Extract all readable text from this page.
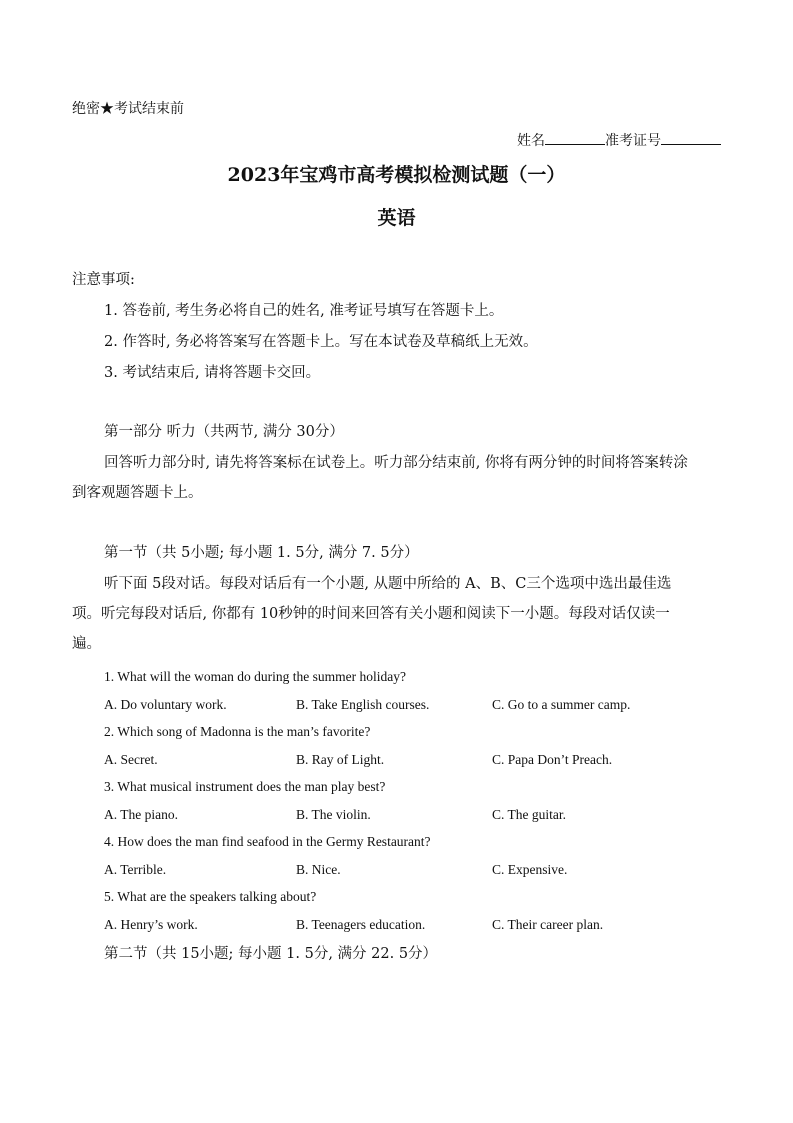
绝密★考试结束前
姓名	准考证号
2023年宝鸡市高考模拟检测试题（一）
英语
注意事项:
1. 答卷前, 考生务必将自己的姓名, 准考证号填写在答题卡上。
2. 作答时, 务必将答案写在答题卡上。写在本试卷及草稿纸上无效。
3. 考试结束后, 请将答题卡交回。
第一部分 听力（共两节, 满分 30分）
回答听力部分时, 请先将答案标在试卷上。听力部分结束前, 你将有两分钟的时间将答案转涂到客观题答题卡上。
第一节（共 5小题; 每小题 1. 5分, 满分 7. 5分）
听下面 5段对话。每段对话后有一个小题, 从题中所给的 A、B、C三个选项中选出最佳选项。听完每段对话后, 你都有 10秒钟的时间来回答有关小题和阅读下一小题。每段对话仅读一遍。
1. What will the woman do during the summer holiday?
A. Do voluntary work.	B. Take English courses.	C. Go to a summer camp.
2. Which song of Madonna is the man’s favorite?
A. Secret.	B. Ray of Light.	C. Papa Don’t Preach.
3. What musical instrument does the man play best?
A. The piano.	B. The violin.	C. The guitar.
4. How does the man find seafood in the Germy Restaurant?
A. Terrible.	B. Nice.	C. Expensive.
5. What are the speakers talking about?
A. Henry’s work.	B. Teenagers education.	C. Their career plan.
第二节（共 15小题; 每小题 1. 5分, 满分 22. 5分）
